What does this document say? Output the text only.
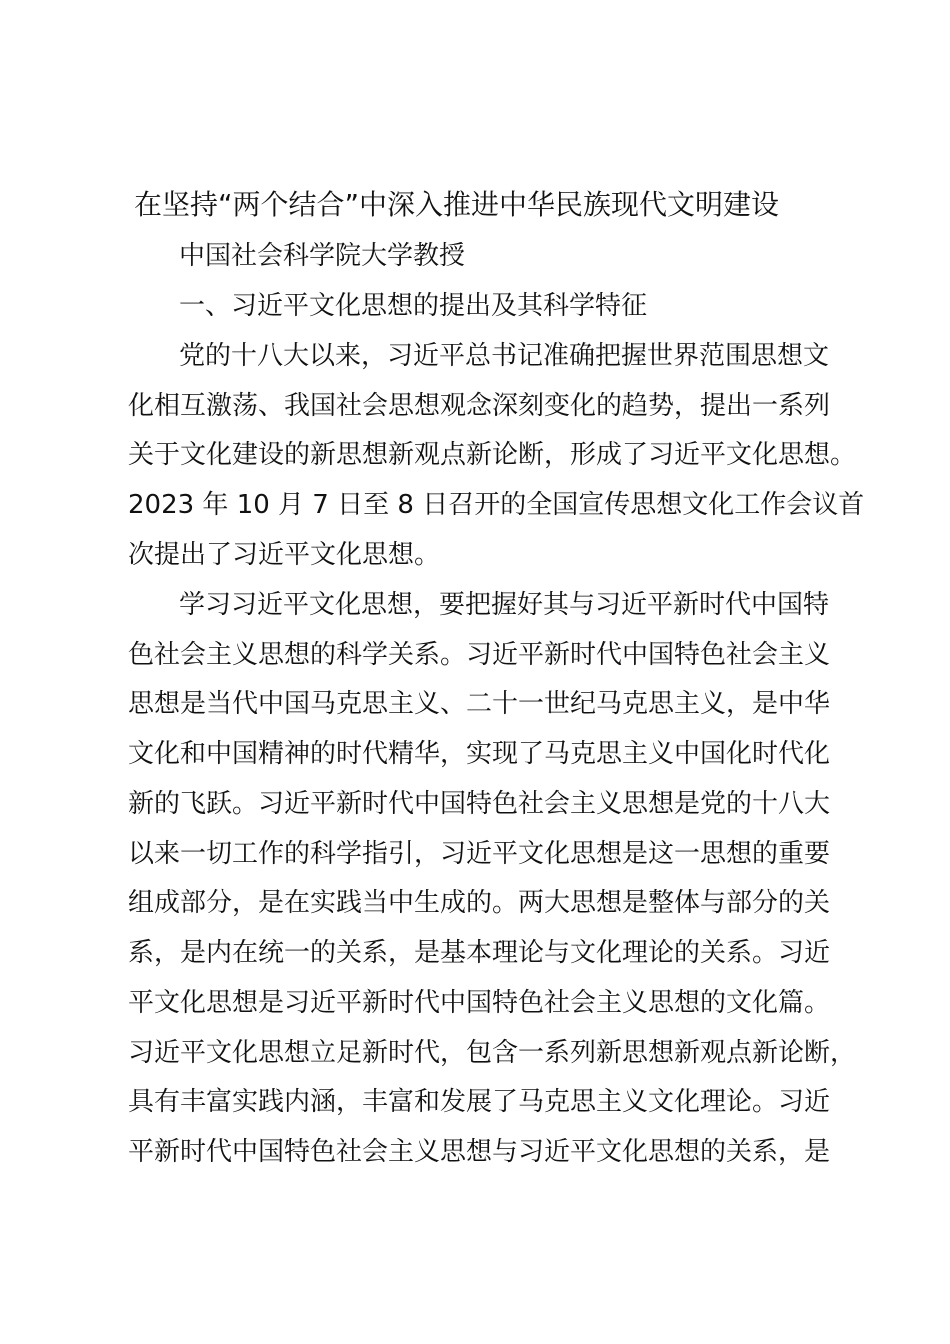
在坚持“两个结合”中深入推进中华民族现代文明建设

中国社会科学院大学教授

一、习近平文化思想的提出及其科学特征

党的十八大以来，习近平总书记准确把握世界范围思想文

化相互激荡、我国社会思想观念深刻变化的趋势，提出一系列

关于文化建设的新思想新观点新论断，形成了习近平文化思想。

2023 年 10 月 7 日至 8 日召开的全国宣传思想文化工作会议首

次提出了习近平文化思想。

学习习近平文化思想，要把握好其与习近平新时代中国特

色社会主义思想的科学关系。习近平新时代中国特色社会主义

思想是当代中国马克思主义、二十一世纪马克思主义，是中华

文化和中国精神的时代精华，实现了马克思主义中国化时代化

新的飞跃。习近平新时代中国特色社会主义思想是党的十八大

以来一切工作的科学指引，习近平文化思想是这一思想的重要

组成部分，是在实践当中生成的。两大思想是整体与部分的关

系，是内在统一的关系，是基本理论与文化理论的关系。习近

平文化思想是习近平新时代中国特色社会主义思想的文化篇。

习近平文化思想立足新时代，包含一系列新思想新观点新论断，

具有丰富实践内涵，丰富和发展了马克思主义文化理论。习近

平新时代中国特色社会主义思想与习近平文化思想的关系，是
